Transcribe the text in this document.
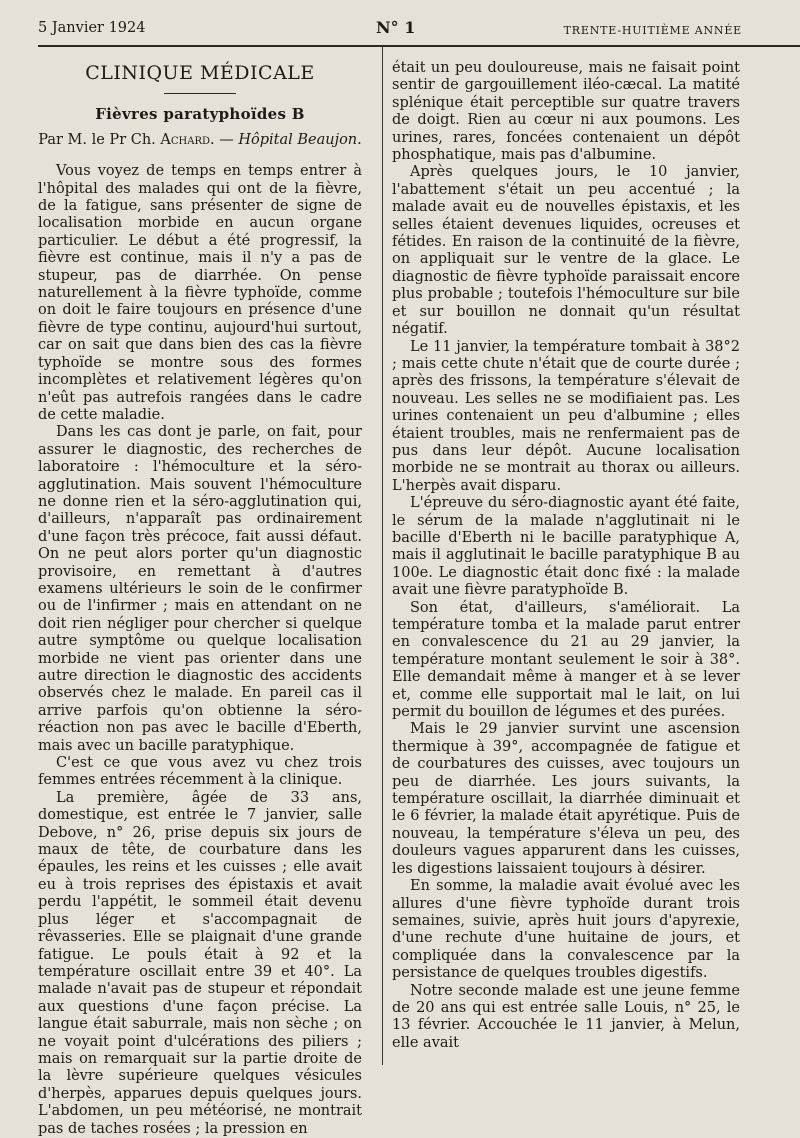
5 Janvier 1924	N° 1	TRENTE-HUITIÈME ANNÉE
CLINIQUE MÉDICALE
Fièvres paratyphoïdes B
Par M. le Pr Ch. Achard. — Hôpital Beaujon.

Vous voyez de temps en temps entrer à l'hôpital des malades qui ont de la fièvre, de la fatigue, sans présenter de signe de localisation morbide en aucun organe particulier. Le début a été progressif, la fièvre est continue, mais il n'y a pas de stupeur, pas de diarrhée. On pense naturellement à la fièvre typhoïde, comme on doit le faire toujours en présence d'une fièvre de type continu, aujourd'hui surtout, car on sait que dans bien des cas la fièvre typhoïde se montre sous des formes incomplètes et relativement légères qu'on n'eût pas autrefois rangées dans le cadre de cette maladie.

Dans les cas dont je parle, on fait, pour assurer le diagnostic, des recherches de laboratoire : l'hémoculture et la séro-agglutination. Mais souvent l'hémoculture ne donne rien et la séro-agglutination qui, d'ailleurs, n'apparaît pas ordinairement d'une façon très précoce, fait aussi défaut. On ne peut alors porter qu'un diagnostic provisoire, en remettant à d'autres examens ultérieurs le soin de le confirmer ou de l'infirmer ; mais en attendant on ne doit rien négliger pour chercher si quelque autre symptôme ou quelque localisation morbide ne vient pas orienter dans une autre direction le diagnostic des accidents observés chez le malade. En pareil cas il arrive parfois qu'on obtienne la séro-réaction non pas avec le bacille d'Eberth, mais avec un bacille paratyphique.

C'est ce que vous avez vu chez trois femmes entrées récemment à la clinique.

La première, âgée de 33 ans, domestique, est entrée le 7 janvier, salle Debove, n° 26, prise depuis six jours de maux de tête, de courbature dans les épaules, les reins et les cuisses ; elle avait eu à trois reprises des épistaxis et avait perdu l'appétit, le sommeil était devenu plus léger et s'accompagnait de rêvasseries. Elle se plaignait d'une grande fatigue. Le pouls était à 92 et la température oscillait entre 39 et 40°. La malade n'avait pas de stupeur et répondait aux questions d'une façon précise. La langue était saburrale, mais non sèche ; on ne voyait point d'ulcérations des piliers ; mais on remarquait sur la partie droite de la lèvre supérieure quelques vésicules d'herpès, apparues depuis quelques jours. L'abdomen, un peu météorisé, ne montrait pas de taches rosées ; la pression en

était un peu douloureuse, mais ne faisait point sentir de gargouillement iléo-cæcal. La matité splénique était perceptible sur quatre travers de doigt. Rien au cœur ni aux poumons. Les urines, rares, foncées contenaient un dépôt phosphatique, mais pas d'albumine.

Après quelques jours, le 10 janvier, l'abattement s'était un peu accentué ; la malade avait eu de nouvelles épistaxis, et les selles étaient devenues liquides, ocreuses et fétides. En raison de la continuité de la fièvre, on appliquait sur le ventre de la glace. Le diagnostic de fièvre typhoïde paraissait encore plus probable ; toutefois l'hémoculture sur bile et sur bouillon ne donnait qu'un résultat négatif.

Le 11 janvier, la température tombait à 38°2 ; mais cette chute n'était que de courte durée ; après des frissons, la température s'élevait de nouveau. Les selles ne se modifiaient pas. Les urines contenaient un peu d'albumine ; elles étaient troubles, mais ne renfermaient pas de pus dans leur dépôt. Aucune localisation morbide ne se montrait au thorax ou ailleurs. L'herpès avait disparu.

L'épreuve du séro-diagnostic ayant été faite, le sérum de la malade n'agglutinait ni le bacille d'Eberth ni le bacille paratyphique A, mais il agglutinait le bacille paratyphique B au 100e. Le diagnostic était donc fixé : la malade avait une fièvre paratyphoïde B.

Son état, d'ailleurs, s'améliorait. La température tomba et la malade parut entrer en convalescence du 21 au 29 janvier, la température montant seulement le soir à 38°. Elle demandait même à manger et à se lever et, comme elle supportait mal le lait, on lui permit du bouillon de légumes et des purées.

Mais le 29 janvier survint une ascension thermique à 39°, accompagnée de fatigue et de courbatures des cuisses, avec toujours un peu de diarrhée. Les jours suivants, la température oscillait, la diarrhée diminuait et le 6 février, la malade était apyrétique. Puis de nouveau, la température s'éleva un peu, des douleurs vagues apparurent dans les cuisses, les digestions laissaient toujours à désirer.

En somme, la maladie avait évolué avec les allures d'une fièvre typhoïde durant trois semaines, suivie, après huit jours d'apyrexie, d'une rechute d'une huitaine de jours, et compliquée dans la convalescence par la persistance de quelques troubles digestifs.

Notre seconde malade est une jeune femme de 20 ans qui est entrée salle Louis, n° 25, le 13 février. Accouchée le 11 janvier, à Melun, elle avait
